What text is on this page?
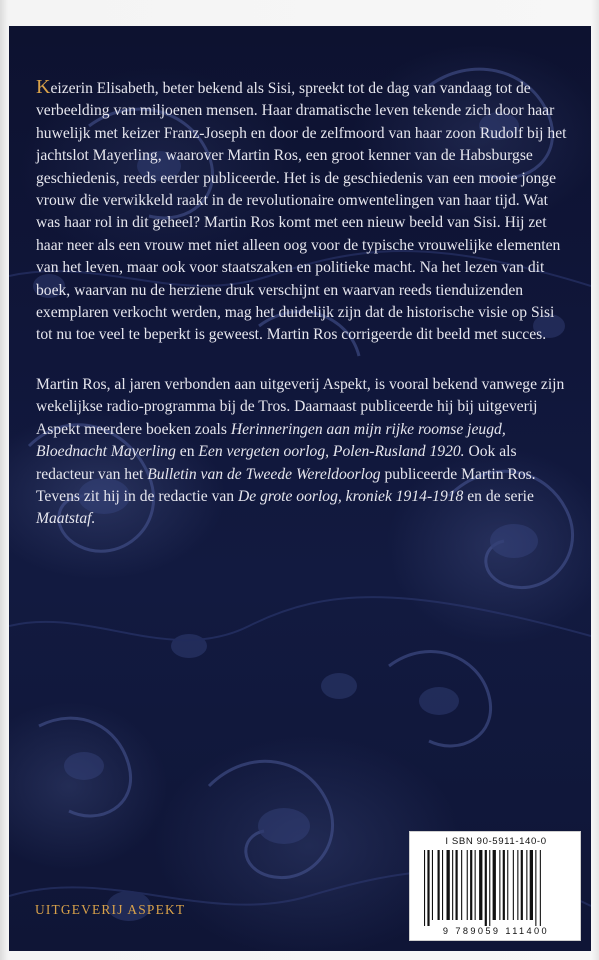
Keizerin Elisabeth, beter bekend als Sisi, spreekt tot de dag van vandaag tot de verbeelding van miljoenen mensen. Haar dramatische leven tekende zich door haar huwelijk met keizer Franz-Joseph en door de zelfmoord van haar zoon Rudolf bij het jachtslot Mayerling, waarover Martin Ros, een groot kenner van de Habsburgse geschiedenis, reeds eerder publiceerde. Het is de geschiedenis van een mooie jonge vrouw die verwikkeld raakt in de revolutionaire omwentelingen van haar tijd. Wat was haar rol in dit geheel? Martin Ros komt met een nieuw beeld van Sisi. Hij zet haar neer als een vrouw met niet alleen oog voor de typische vrouwelijke elementen van het leven, maar ook voor staatszaken en politieke macht. Na het lezen van dit boek, waarvan nu de herziene druk verschijnt en waarvan reeds tienduizenden exemplaren verkocht werden, mag het duidelijk zijn dat de historische visie op Sisi tot nu toe veel te beperkt is geweest. Martin Ros corrigeerde dit beeld met succes.

Martin Ros, al jaren verbonden aan uitgeverij Aspekt, is vooral bekend vanwege zijn wekelijkse radio-programma bij de Tros. Daarnaast publiceerde hij bij uitgeverij Aspekt meerdere boeken zoals Herinneringen aan mijn rijke roomse jeugd, Bloednacht Mayerling en Een vergeten oorlog, Polen-Rusland 1920. Ook als redacteur van het Bulletin van de Tweede Wereldoorlog publiceerde Martin Ros. Tevens zit hij in de redactie van De grote oorlog, kroniek 1914-1918 en de serie Maatstaf.

UITGEVERIJ ASPEKT
I SBN 90-5911-140-0
9 789059 111400
